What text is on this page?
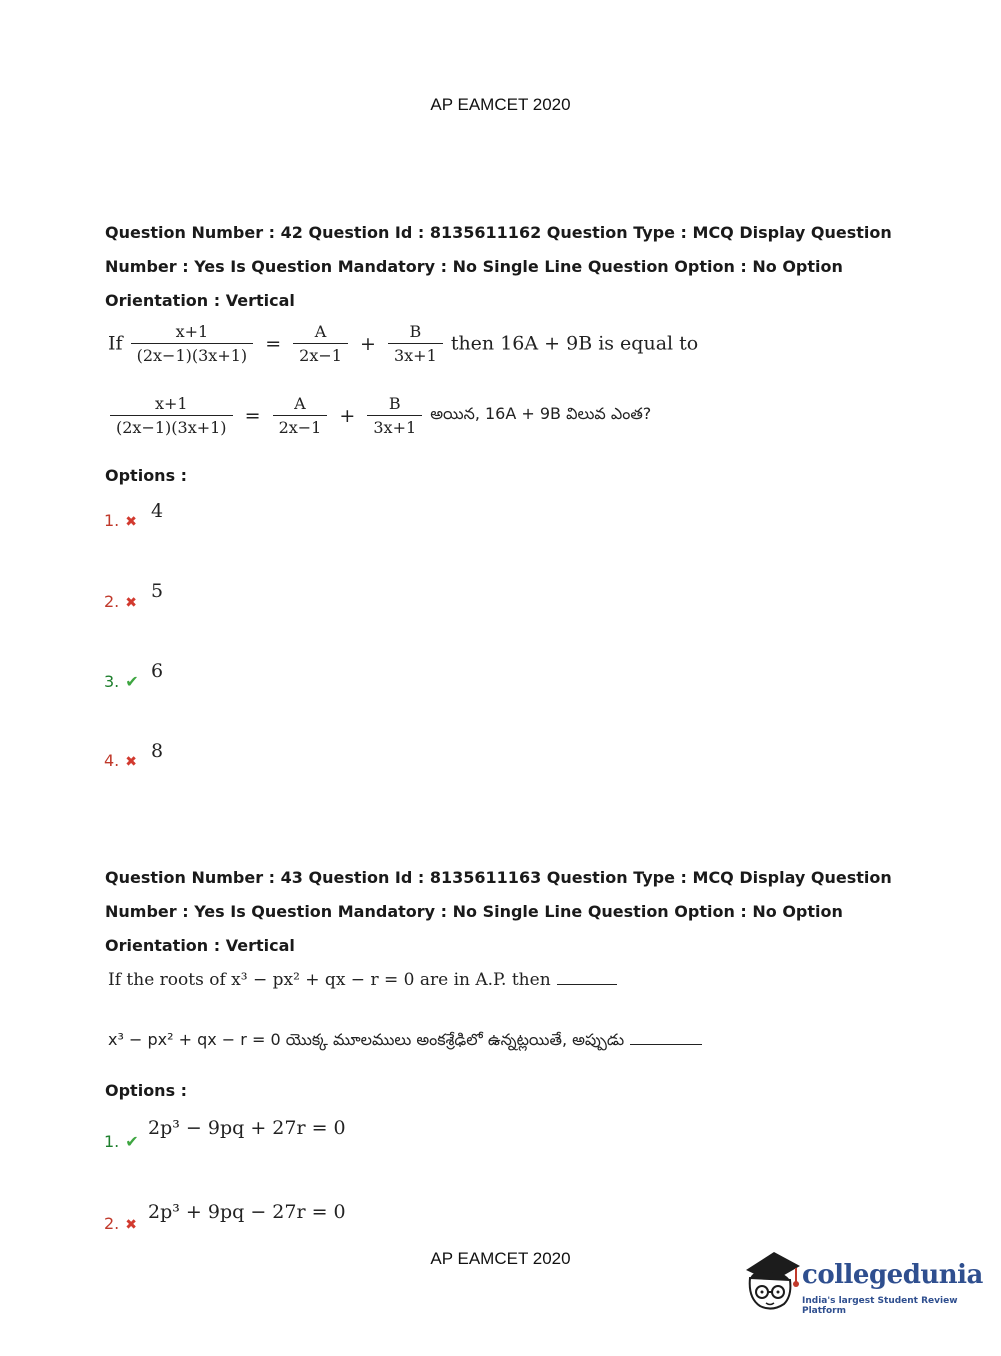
AP EAMCET 2020
Question Number : 42 Question Id : 8135611162 Question Type : MCQ Display Question
Number : Yes Is Question Mandatory : No Single Line Question Option : No Option
Orientation : Vertical
If $\frac{x+1}{(2x-1)(3x+1)} = \frac{A}{2x-1} + \frac{B}{3x+1}$ then 16A + 9B is equal to
$\frac{x+1}{(2x-1)(3x+1)} = \frac{A}{2x-1} + \frac{B}{3x+1}$ అయిన, 16A + 9B విలువ ఎంత?
Options :
1. ✖ 4
2. ✖
5
3. ✔ 6
4. ✖ 8
Question Number : 43 Question Id : 8135611163 Question Type : MCQ Display Question
Number : Yes Is Question Mandatory : No Single Line Question Option : No Option
Orientation : Vertical
If the roots of x³ − px² + qx − r = 0 are in A.P. then
x³ − px² + qx − r = 0 యొక్క మూలములు అంకశ్రేఢిలో ఉన్నట్లయితే, అప్పుడు
Options :
1. ✔
2p³ − 9pq + 27r = 0
2. ✖
2p³ + 9pq − 27r = 0
AP EAMCET 2020
collegedunia
India's largest Student Review Platform
